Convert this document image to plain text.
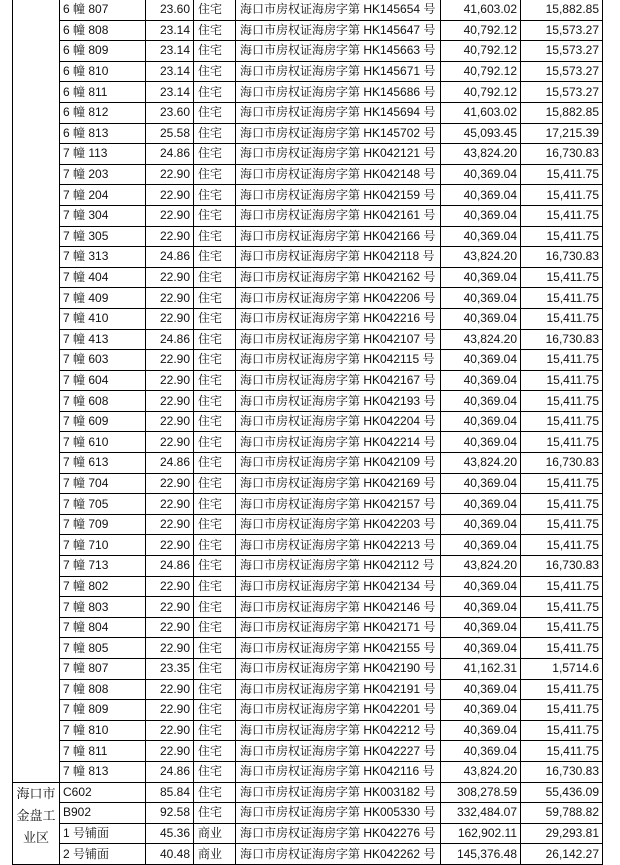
	6 幢 807	23.60	住宅	海口市房权证海房字第 HK145654 号	41,603.02	15,882.85
	6 幢 808	23.14	住宅	海口市房权证海房字第 HK145647 号	40,792.12	15,573.27
	6 幢 809	23.14	住宅	海口市房权证海房字第 HK145663 号	40,792.12	15,573.27
	6 幢 810	23.14	住宅	海口市房权证海房字第 HK145671 号	40,792.12	15,573.27
	6 幢 811	23.14	住宅	海口市房权证海房字第 HK145686 号	40,792.12	15,573.27
	6 幢 812	23.60	住宅	海口市房权证海房字第 HK145694 号	41,603.02	15,882.85
	6 幢 813	25.58	住宅	海口市房权证海房字第 HK145702 号	45,093.45	17,215.39
	7 幢 113	24.86	住宅	海口市房权证海房字第 HK042121 号	43,824.20	16,730.83
	7 幢 203	22.90	住宅	海口市房权证海房字第 HK042148 号	40,369.04	15,411.75
	7 幢 204	22.90	住宅	海口市房权证海房字第 HK042159 号	40,369.04	15,411.75
	7 幢 304	22.90	住宅	海口市房权证海房字第 HK042161 号	40,369.04	15,411.75
	7 幢 305	22.90	住宅	海口市房权证海房字第 HK042166 号	40,369.04	15,411.75
	7 幢 313	24.86	住宅	海口市房权证海房字第 HK042118 号	43,824.20	16,730.83
	7 幢 404	22.90	住宅	海口市房权证海房字第 HK042162 号	40,369.04	15,411.75
	7 幢 409	22.90	住宅	海口市房权证海房字第 HK042206 号	40,369.04	15,411.75
	7 幢 410	22.90	住宅	海口市房权证海房字第 HK042216 号	40,369.04	15,411.75
	7 幢 413	24.86	住宅	海口市房权证海房字第 HK042107 号	43,824.20	16,730.83
	7 幢 603	22.90	住宅	海口市房权证海房字第 HK042115 号	40,369.04	15,411.75
	7 幢 604	22.90	住宅	海口市房权证海房字第 HK042167 号	40,369.04	15,411.75
	7 幢 608	22.90	住宅	海口市房权证海房字第 HK042193 号	40,369.04	15,411.75
	7 幢 609	22.90	住宅	海口市房权证海房字第 HK042204 号	40,369.04	15,411.75
	7 幢 610	22.90	住宅	海口市房权证海房字第 HK042214 号	40,369.04	15,411.75
	7 幢 613	24.86	住宅	海口市房权证海房字第 HK042109 号	43,824.20	16,730.83
	7 幢 704	22.90	住宅	海口市房权证海房字第 HK042169 号	40,369.04	15,411.75
	7 幢 705	22.90	住宅	海口市房权证海房字第 HK042157 号	40,369.04	15,411.75
	7 幢 709	22.90	住宅	海口市房权证海房字第 HK042203 号	40,369.04	15,411.75
	7 幢 710	22.90	住宅	海口市房权证海房字第 HK042213 号	40,369.04	15,411.75
	7 幢 713	24.86	住宅	海口市房权证海房字第 HK042112 号	43,824.20	16,730.83
	7 幢 802	22.90	住宅	海口市房权证海房字第 HK042134 号	40,369.04	15,411.75
	7 幢 803	22.90	住宅	海口市房权证海房字第 HK042146 号	40,369.04	15,411.75
	7 幢 804	22.90	住宅	海口市房权证海房字第 HK042171 号	40,369.04	15,411.75
	7 幢 805	22.90	住宅	海口市房权证海房字第 HK042155 号	40,369.04	15,411.75
	7 幢 807	23.35	住宅	海口市房权证海房字第 HK042190 号	41,162.31	1,5714.6
	7 幢 808	22.90	住宅	海口市房权证海房字第 HK042191 号	40,369.04	15,411.75
	7 幢 809	22.90	住宅	海口市房权证海房字第 HK042201 号	40,369.04	15,411.75
	7 幢 810	22.90	住宅	海口市房权证海房字第 HK042212 号	40,369.04	15,411.75
	7 幢 811	22.90	住宅	海口市房权证海房字第 HK042227 号	40,369.04	15,411.75
	7 幢 813	24.86	住宅	海口市房权证海房字第 HK042116 号	43,824.20	16,730.83
海口市金盘工业区	C602	85.84	住宅	海口市房权证海房字第 HK003182 号	308,278.59	55,436.09
	B902	92.58	住宅	海口市房权证海房字第 HK005330 号	332,484.07	59,788.82
	1 号铺面	45.36	商业	海口市房权证海房字第 HK042276 号	162,902.11	29,293.81
	2 号铺面	40.48	商业	海口市房权证海房字第 HK042262 号	145,376.48	26,142.27
